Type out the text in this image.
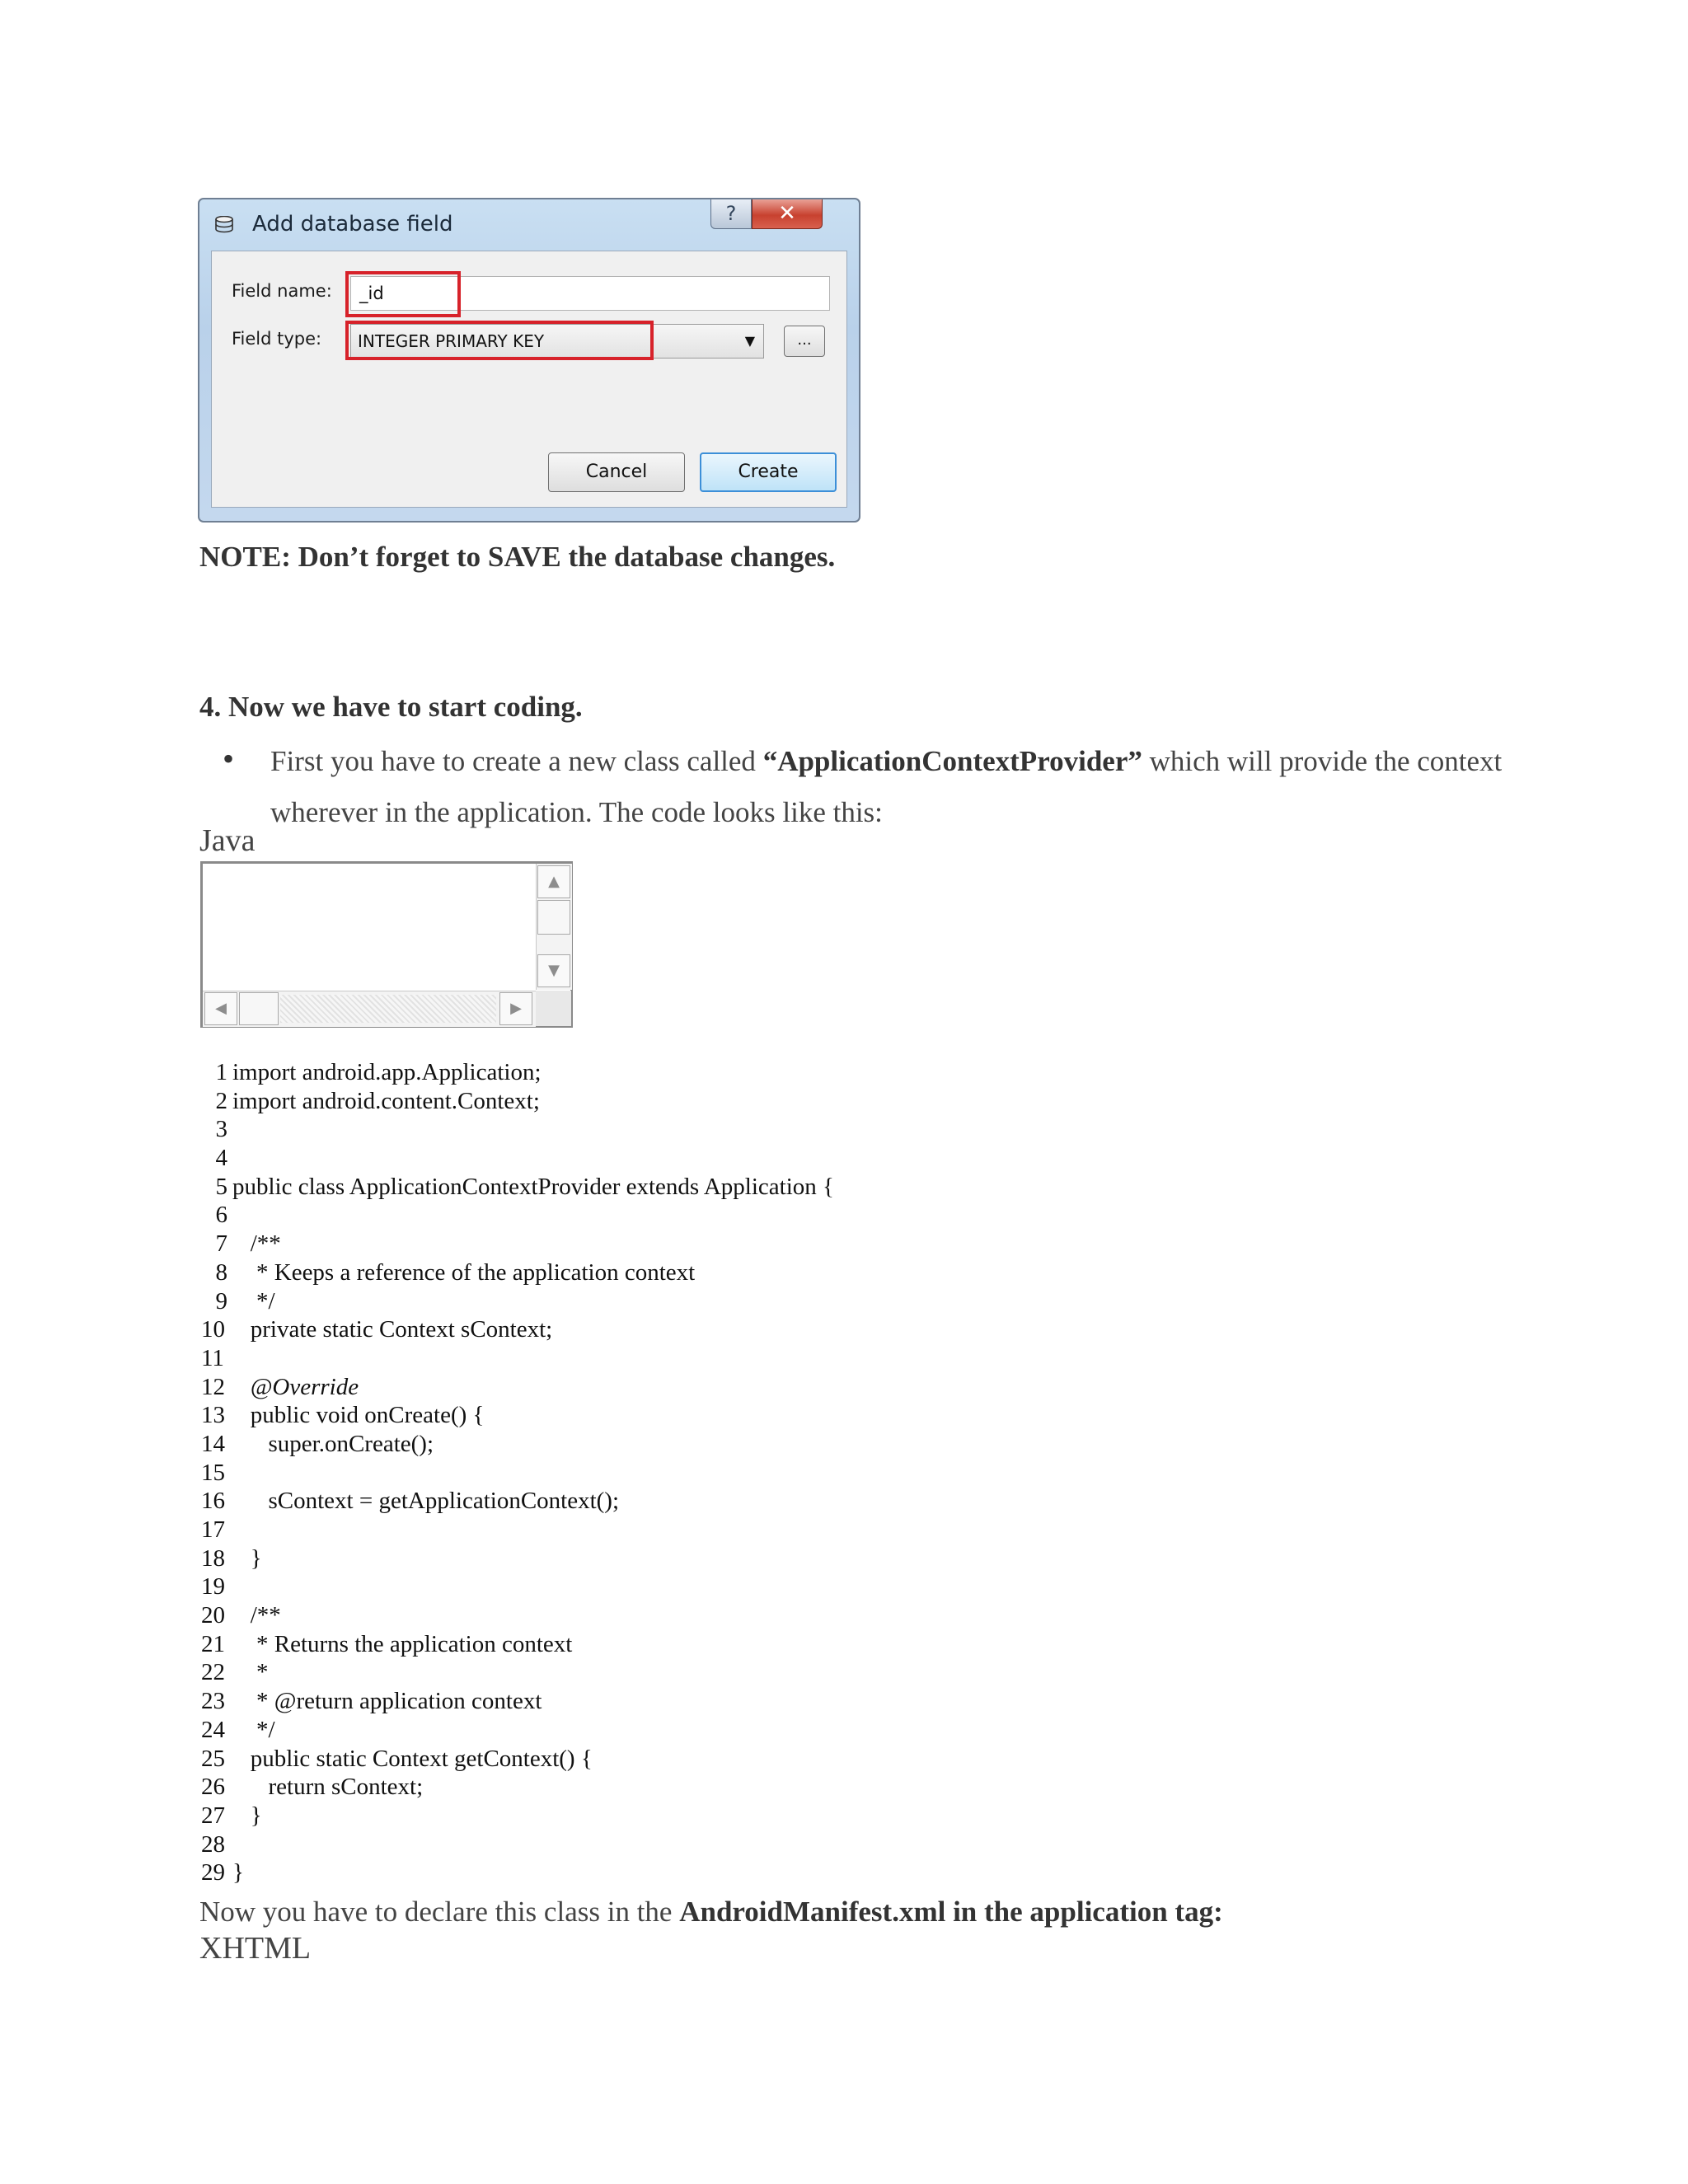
Add database field	?	✕
Field name:	_id
Field type:	INTEGER PRIMARY KEY	▼	...
Cancel	Create
NOTE: Don’t forget to SAVE the database changes.
4. Now we have to start coding.
• First you have to create a new class called “ApplicationContextProvider” which will provide the context wherever in the application. The code looks like this:
Java
▲
▼
◀	▶
1 import android.app.Application;
2 import android.content.Context;
3
4
5 public class ApplicationContextProvider extends Application {
6
7 /**
8 * Keeps a reference of the application context
9 */
10 private static Context sContext;
11
12 @Override
13 public void onCreate() {
14 super.onCreate();
15
16 sContext = getApplicationContext();
17
18 }
19
20 /**
21 * Returns the application context
22 *
23 * @return application context
24 */
25 public static Context getContext() {
26 return sContext;
27 }
28
29 }
Now you have to declare this class in the AndroidManifest.xml in the application tag:
XHTML
